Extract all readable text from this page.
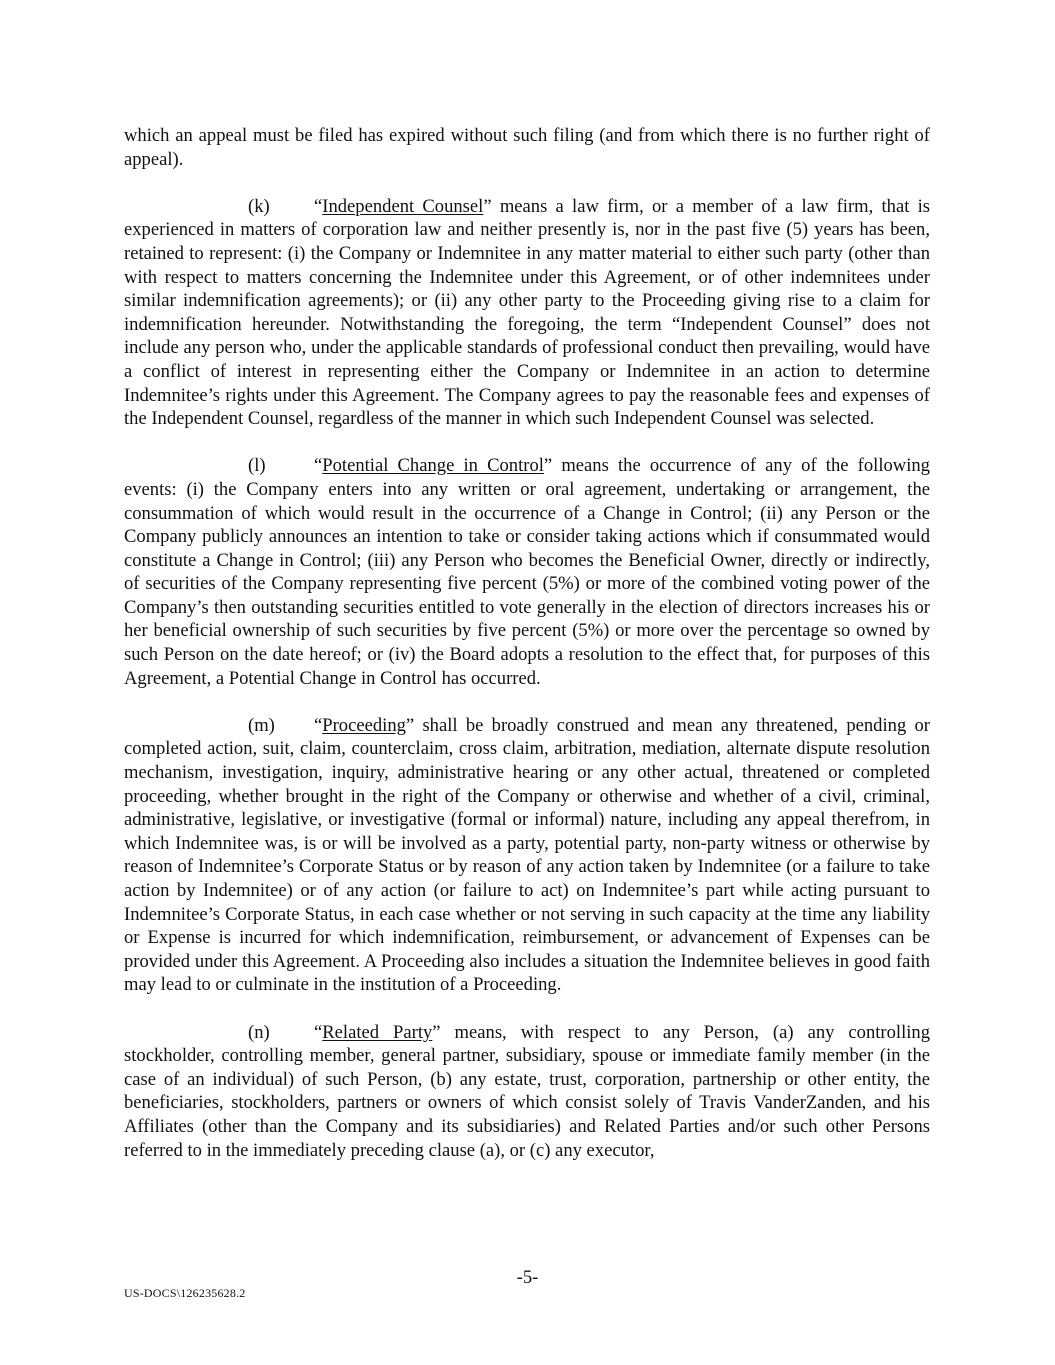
which an appeal must be filed has expired without such filing (and from which there is no further right of appeal).

(k) “Independent Counsel” means a law firm, or a member of a law firm, that is experienced in matters of corporation law and neither presently is, nor in the past five (5) years has been, retained to represent: (i) the Company or Indemnitee in any matter material to either such party (other than with respect to matters concerning the Indemnitee under this Agreement, or of other indemnitees under similar indemnification agreements); or (ii) any other party to the Proceeding giving rise to a claim for indemnification hereunder. Notwithstanding the foregoing, the term “Independent Counsel” does not include any person who, under the applicable standards of professional conduct then prevailing, would have a conflict of interest in representing either the Company or Indemnitee in an action to determine Indemnitee’s rights under this Agreement. The Company agrees to pay the reasonable fees and expenses of the Independent Counsel, regardless of the manner in which such Independent Counsel was selected.

(l)	“Potential Change in Control” means the occurrence of any of the following events: (i) the Company enters into any written or oral agreement, undertaking or arrangement, the consummation of which would result in the occurrence of a Change in Control; (ii) any Person or the Company publicly announces an intention to take or consider taking actions which if consummated would constitute a Change in Control; (iii) any Person who becomes the Beneficial Owner, directly or indirectly, of securities of the Company representing five percent (5%) or more of the combined voting power of the Company’s then outstanding securities entitled to vote generally in the election of directors increases his or her beneficial ownership of such securities by five percent (5%) or more over the percentage so owned by such Person on the date hereof; or (iv) the Board adopts a resolution to the effect that, for purposes of this Agreement, a Potential Change in Control has occurred.

(m) “Proceeding” shall be broadly construed and mean any threatened, pending or completed action, suit, claim, counterclaim, cross claim, arbitration, mediation, alternate dispute resolution mechanism, investigation, inquiry, administrative hearing or any other actual, threatened or completed proceeding, whether brought in the right of the Company or otherwise and whether of a civil, criminal, administrative, legislative, or investigative (formal or informal) nature, including any appeal therefrom, in which Indemnitee was, is or will be involved as a party, potential party, non-party witness or otherwise by reason of Indemnitee’s Corporate Status or by reason of any action taken by Indemnitee (or a failure to take action by Indemnitee) or of any action (or failure to act) on Indemnitee’s part while acting pursuant to Indemnitee’s Corporate Status, in each case whether or not serving in such capacity at the time any liability or Expense is incurred for which indemnification, reimbursement, or advancement of Expenses can be provided under this Agreement. A Proceeding also includes a situation the Indemnitee believes in good faith may lead to or culminate in the institution of a Proceeding.

(n) “Related Party” means, with respect to any Person, (a) any controlling stockholder, controlling member, general partner, subsidiary, spouse or immediate family member (in the case of an individual) of such Person, (b) any estate, trust, corporation, partnership or other entity, the beneficiaries, stockholders, partners or owners of which consist solely of Travis VanderZanden, and his Affiliates (other than the Company and its subsidiaries) and Related Parties and/or such other Persons referred to in the immediately preceding clause (a), or (c) any executor,

-5-
US-DOCS\126235628.2
